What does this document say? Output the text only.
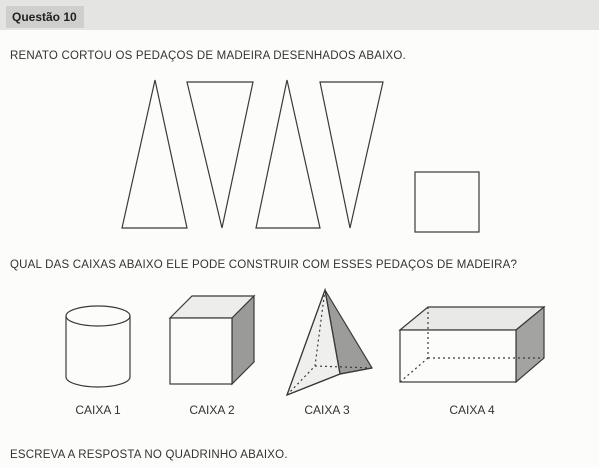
Questão 10
RENATO CORTOU OS PEDAÇOS DE MADEIRA DESENHADOS ABAIXO.
QUAL DAS CAIXAS ABAIXO ELE PODE CONSTRUIR COM ESSES PEDAÇOS DE MADEIRA?
CAIXA 1	CAIXA 2	CAIXA 3	CAIXA 4
ESCREVA A RESPOSTA NO QUADRINHO ABAIXO.
